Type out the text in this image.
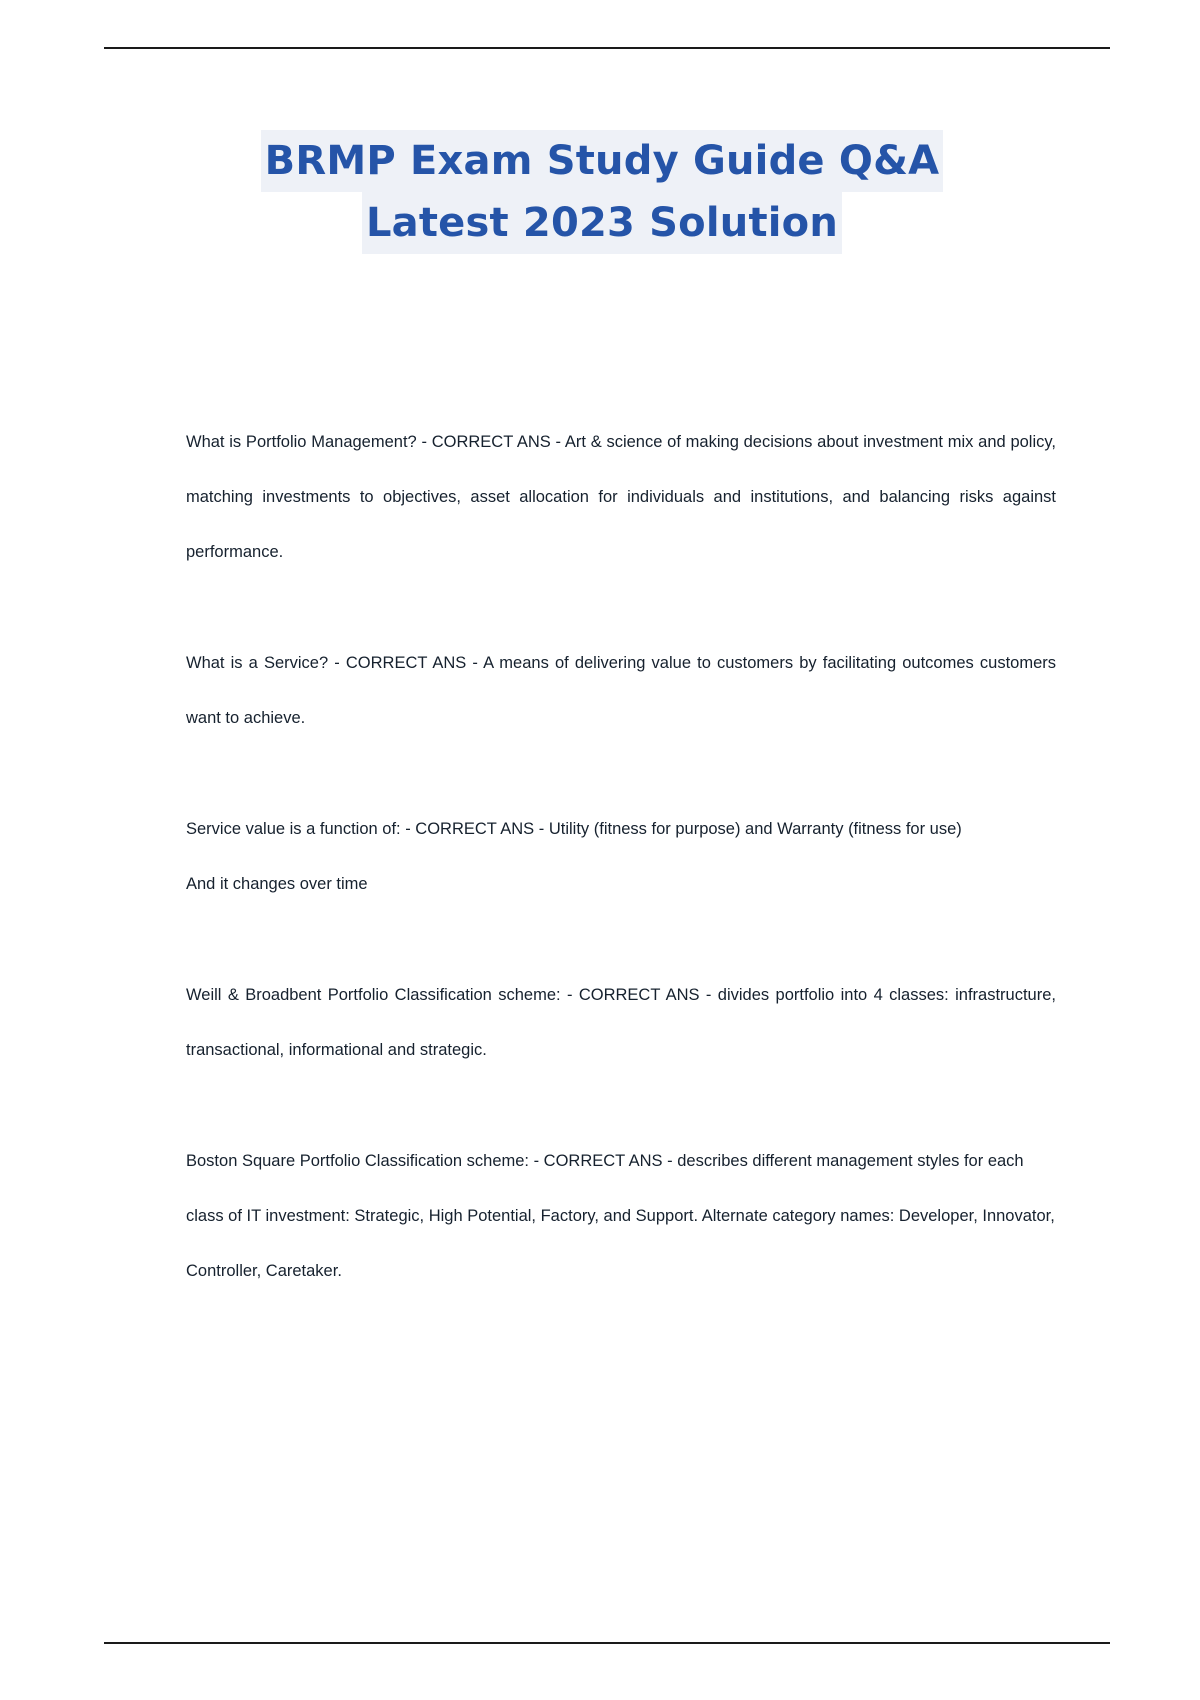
BRMP Exam Study Guide Q&A Latest 2023 Solution

What is Portfolio Management? - CORRECT ANS - Art & science of making decisions about investment mix and policy, matching investments to objectives, asset allocation for individuals and institutions, and balancing risks against performance.

What is a Service? - CORRECT ANS - A means of delivering value to customers by facilitating outcomes customers want to achieve.

Service value is a function of: - CORRECT ANS - Utility (fitness for purpose) and Warranty (fitness for use)

And it changes over time

Weill & Broadbent Portfolio Classification scheme: - CORRECT ANS - divides portfolio into 4 classes: infrastructure, transactional, informational and strategic.

Boston Square Portfolio Classification scheme: - CORRECT ANS - describes different management styles for each class of IT investment: Strategic, High Potential, Factory, and Support. Alternate category names: Developer, Innovator, Controller, Caretaker.
